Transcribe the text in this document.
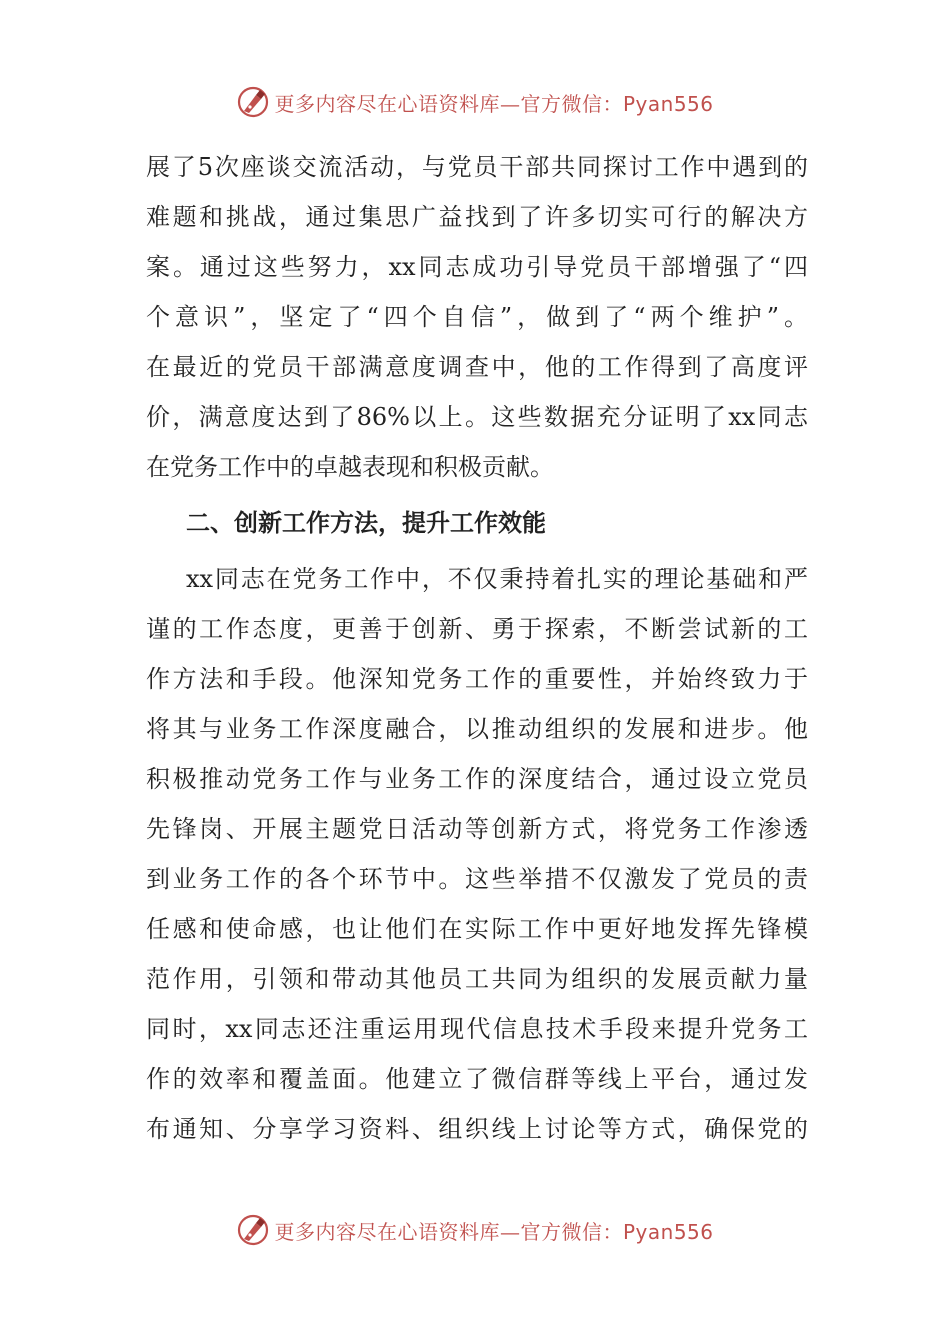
更多内容尽在心语资料库—官方微信：Pyan556
展了5次座谈交流活动，与党员干部共同探讨工作中遇到的
难题和挑战，通过集思广益找到了许多切实可行的解决方
案。通过这些努力，xx同志成功引导党员干部增强了“四
个意识”，坚定了“四个自信”，做到了“两个维护”。
在最近的党员干部满意度调查中，他的工作得到了高度评
价，满意度达到了86%以上。这些数据充分证明了xx同志
在党务工作中的卓越表现和积极贡献。
二、创新工作方法，提升工作效能
xx同志在党务工作中，不仅秉持着扎实的理论基础和严
谨的工作态度，更善于创新、勇于探索，不断尝试新的工
作方法和手段。他深知党务工作的重要性，并始终致力于
将其与业务工作深度融合，以推动组织的发展和进步。他
积极推动党务工作与业务工作的深度结合，通过设立党员
先锋岗、开展主题党日活动等创新方式，将党务工作渗透
到业务工作的各个环节中。这些举措不仅激发了党员的责
任感和使命感，也让他们在实际工作中更好地发挥先锋模
范作用，引领和带动其他员工共同为组织的发展贡献力量
同时，xx同志还注重运用现代信息技术手段来提升党务工
作的效率和覆盖面。他建立了微信群等线上平台，通过发
布通知、分享学习资料、组织线上讨论等方式，确保党的
更多内容尽在心语资料库—官方微信：Pyan556
